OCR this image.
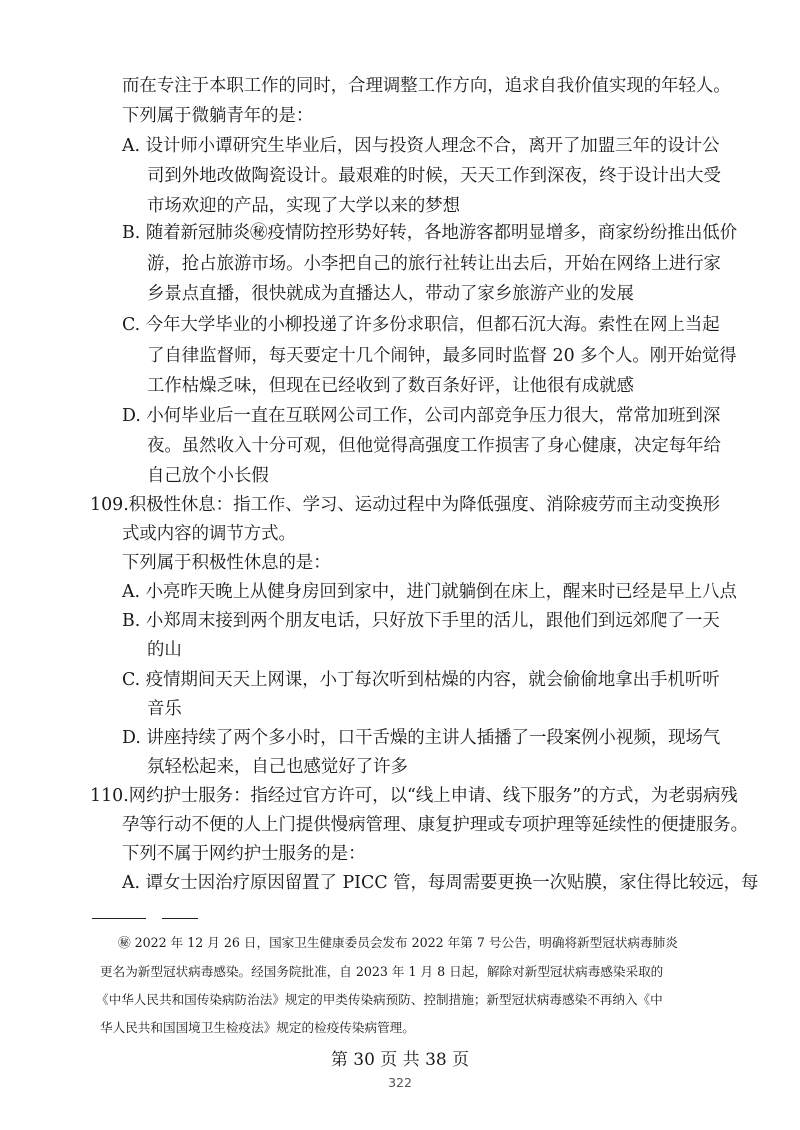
而在专注于本职工作的同时，合理调整工作方向，追求自我价值实现的年轻人。
下列属于微躺青年的是：
A. 设计师小谭研究生毕业后，因与投资人理念不合，离开了加盟三年的设计公
司到外地改做陶瓷设计。最艰难的时候，天天工作到深夜，终于设计出大受
市场欢迎的产品，实现了大学以来的梦想
B. 随着新冠肺炎㊙疫情防控形势好转，各地游客都明显增多，商家纷纷推出低价
游，抢占旅游市场。小李把自己的旅行社转让出去后，开始在网络上进行家
乡景点直播，很快就成为直播达人，带动了家乡旅游产业的发展
C. 今年大学毕业的小柳投递了许多份求职信，但都石沉大海。索性在网上当起
了自律监督师，每天要定十几个闹钟，最多同时监督 20 多个人。刚开始觉得
工作枯燥乏味，但现在已经收到了数百条好评，让他很有成就感
D. 小何毕业后一直在互联网公司工作，公司内部竞争压力很大，常常加班到深
夜。虽然收入十分可观，但他觉得高强度工作损害了身心健康，决定每年给
自己放个小长假
109.积极性休息：指工作、学习、运动过程中为降低强度、消除疲劳而主动变换形
式或内容的调节方式。
下列属于积极性休息的是：
A. 小亮昨天晚上从健身房回到家中，进门就躺倒在床上，醒来时已经是早上八点
B. 小郑周末接到两个朋友电话，只好放下手里的活儿，跟他们到远郊爬了一天
的山
C. 疫情期间天天上网课，小丁每次听到枯燥的内容，就会偷偷地拿出手机听听
音乐
D. 讲座持续了两个多小时，口干舌燥的主讲人插播了一段案例小视频，现场气
氛轻松起来，自己也感觉好了许多
110.网约护士服务：指经过官方许可，以“线上申请、线下服务”的方式，为老弱病残
孕等行动不便的人上门提供慢病管理、康复护理或专项护理等延续性的便捷服务。
下列不属于网约护士服务的是：
A. 谭女士因治疗原因留置了 PICC 管，每周需要更换一次贴膜，家住得比较远，每
㊙ 2022 年 12 月 26 日，国家卫生健康委员会发布 2022 年第 7 号公告，明确将新型冠状病毒肺炎
更名为新型冠状病毒感染。经国务院批准，自 2023 年 1 月 8 日起，解除对新型冠状病毒感染采取的
《中华人民共和国传染病防治法》规定的甲类传染病预防、控制措施；新型冠状病毒感染不再纳入《中
华人民共和国国境卫生检疫法》规定的检疫传染病管理。
第 30 页 共 38 页
322
